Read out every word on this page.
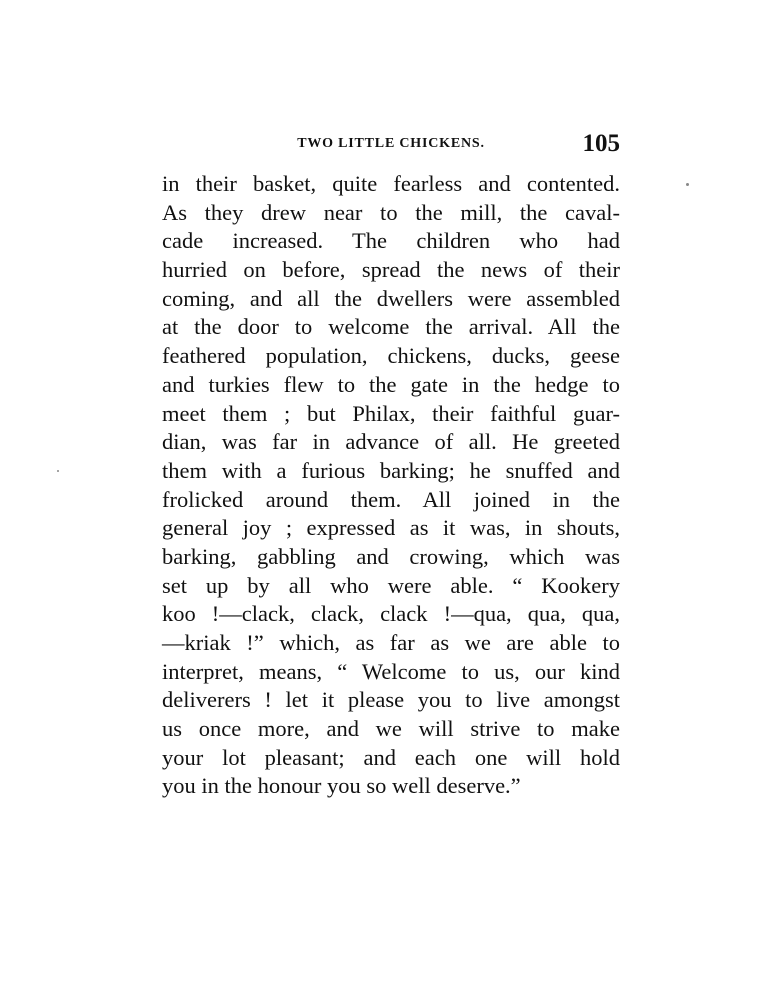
TWO LITTLE CHICKENS.	105
in their basket, quite fearless and contented.
As they drew near to the mill, the caval-
cade increased. The children who had
hurried on before, spread the news of their
coming, and all the dwellers were assembled
at the door to welcome the arrival. All the
feathered population, chickens, ducks, geese
and turkies flew to the gate in the hedge to
meet them ; but Philax, their faithful guar-
dian, was far in advance of all. He greeted
them with a furious barking; he snuffed and
frolicked around them. All joined in the
general joy ; expressed as it was, in shouts,
barking, gabbling and crowing, which was
set up by all who were able. “ Kookery
koo !—clack, clack, clack !—qua, qua, qua,
—kriak !” which, as far as we are able to
interpret, means, “ Welcome to us, our kind
deliverers ! let it please you to live amongst
us once more, and we will strive to make
your lot pleasant; and each one will hold
you in the honour you so well deserve.”
